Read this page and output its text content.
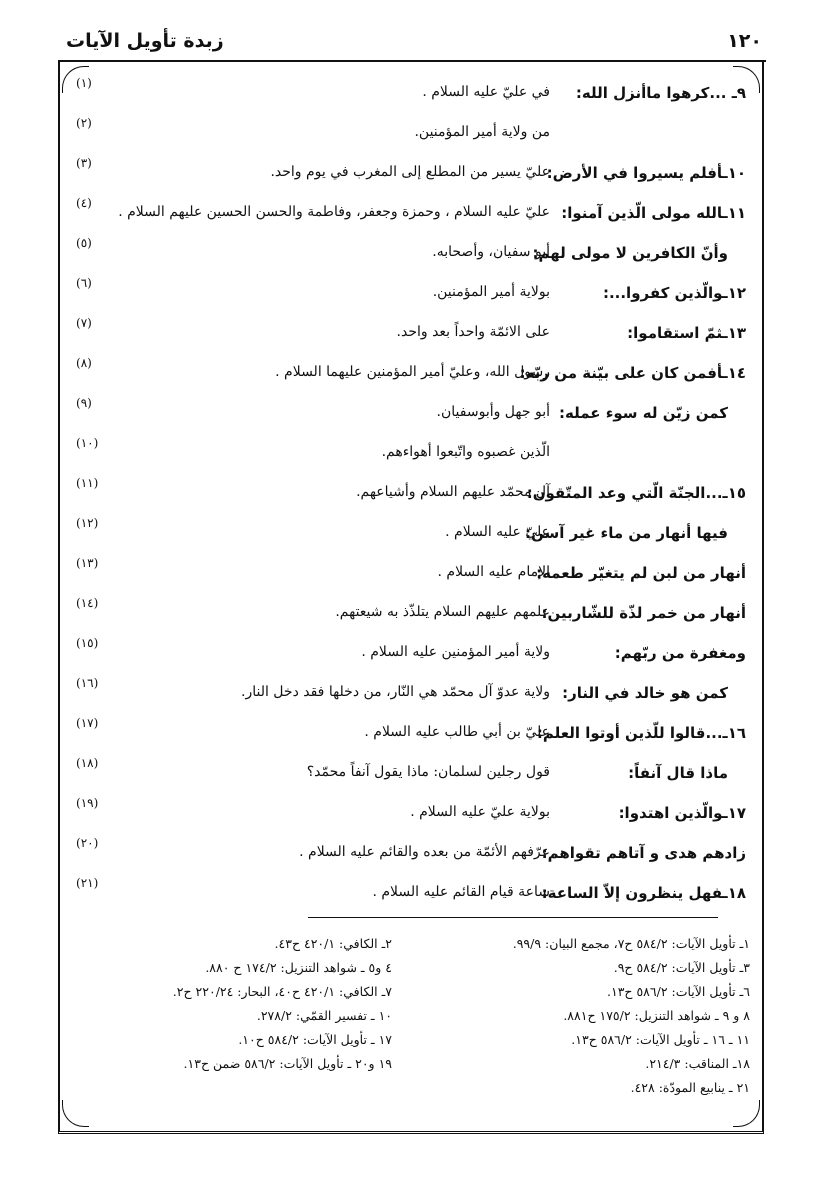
زبدة تأويل الآيات	١٢٠
٩ـ ...كرهوا ماأنزل الله:
في عليّ عليه السلام .
(١)
من ولاية أمير المؤمنين.
(٢)
١٠ـأفلم يسيروا في الأرض:
عليّ يسير من المطلع إلى المغرب في يوم واحد.
(٣)
١١ـالله مولى الّذين آمنوا:
عليّ عليه السلام ، وحمزة وجعفر، وفاطمة والحسن الحسين عليهم السلام .
(٤)
وأنّ الكافرين لا مولى لهم:
أبو سفيان، وأصحابه.
(٥)
١٢ـوالّذين كفروا...:
بولاية أمير المؤمنين.
(٦)
١٣ـثمّ استقاموا:
على الائمّة واحداً بعد واحد.
(٧)
١٤ـأفمن كان على بيّنة من ربّه:
رسول الله، وعليّ أمير المؤمنين عليهما السلام .
(٨)
كمن زيّن له سوء عمله:
أبو جهل وأبوسفيان.
(٩)
الّذين غصبوه واتّبعوا أهواءهم.
(١٠)
١٥ـ...الجنّة الّتي وعد المتّقون:
آل محمّد عليهم السلام وأشياعهم.
(١١)
فيها أنهار من ماء غير آسن:
عليّ عليه السلام .
(١٢)
أنهار من لبن لم يتغيّر طعمه:
الإمام عليه السلام .
(١٣)
أنهار من خمر لذّة للشّاربين:
علمهم عليهم السلام يتلذّذ به شيعتهم.
(١٤)
ومغفرة من ربّهم:
ولاية أمير المؤمنين عليه السلام .
(١٥)
كمن هو خالد في النار:
ولاية عدوّ آل محمّد هي النّار، من دخلها فقد دخل النار.
(١٦)
١٦ـ...قالوا للّذين أوتوا العلم:
عليّ بن أبي طالب عليه السلام .
(١٧)
ماذا قال آنفاً:
قول رجلين لسلمان: ماذا يقول آنفاً محمّد؟
(١٨)
١٧ـوالّذين اهتدوا:
بولاية عليّ عليه السلام .
(١٩)
زادهم هدى و آتاهم تقواهم:
عرّفهم الأئمّة من بعده والقائم عليه السلام .
(٢٠)
١٨ـفهل ينظرون إلاّ الساعة:
ساعة قيام القائم عليه السلام .
(٢١)
١ـ تأويل الآيات: ٥٨٤/٢ ح٧، مجمع البيان: ٩٩/٩.
٣ـ تأويل الآيات: ٥٨٤/٢ ح٩.
٦ـ تأويل الآيات: ٥٨٦/٢ ح١٣.
٨ و ٩ ـ شواهد التنزيل: ١٧٥/٢ ح٨٨١.
١١ ـ ١٦ ـ تأويل الآيات: ٥٨٦/٢ ح١٣.
١٨ـ المناقب: ٢١٤/٣.
٢١ ـ ينابيع المودّة: ٤٢٨.
٢ـ الكافي: ٤٢٠/١ ح٤٣.
٤ و٥ ـ شواهد التنزيل: ١٧٤/٢ ح ٨٨٠.
٧ـ الكافي: ٤٢٠/١ ح٤٠، البحار: ٢٢٠/٢٤ ح٢.
١٠ ـ تفسير القمّي: ٢٧٨/٢.
١٧ ـ تأويل الآيات: ٥٨٤/٢ ح١٠.
١٩ و٢٠ ـ تأويل الآيات: ٥٨٦/٢ ضمن ح١٣.
